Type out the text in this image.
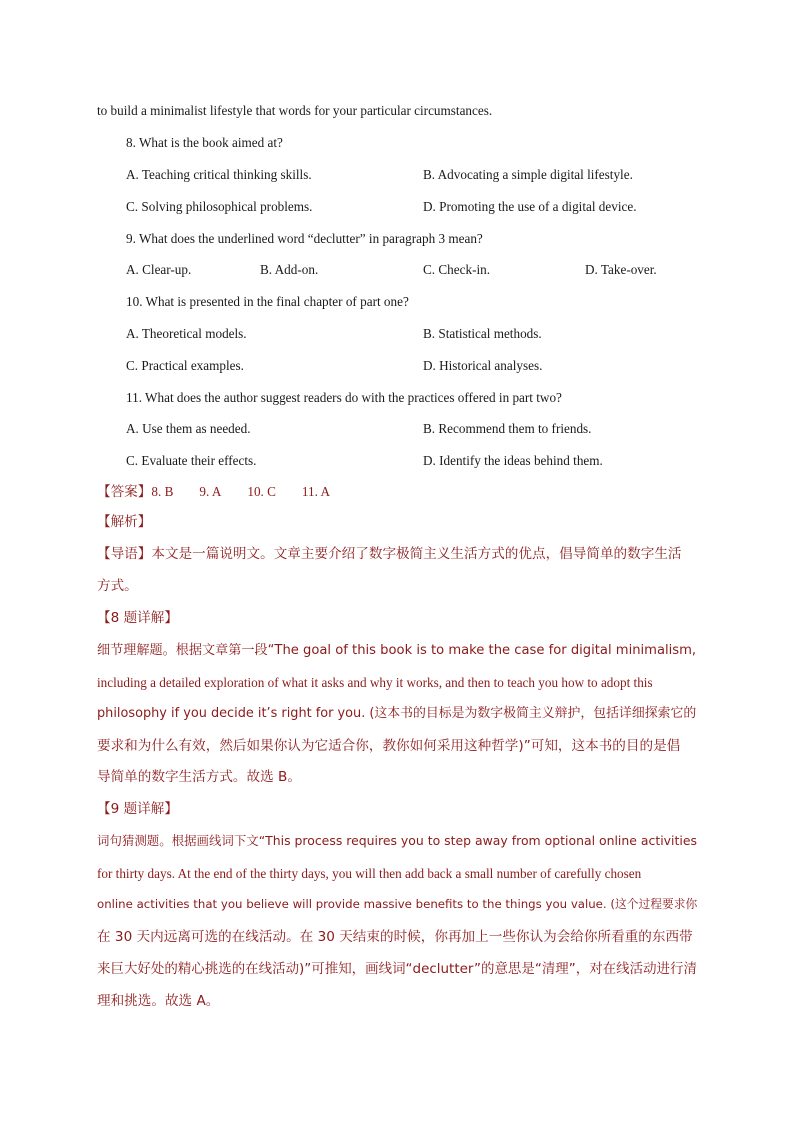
to build a minimalist lifestyle that words for your particular circumstances.
8. What is the book aimed at?
A. Teaching critical thinking skills.	B. Advocating a simple digital lifestyle.
C. Solving philosophical problems.	D. Promoting the use of a digital device.
9. What does the underlined word “declutter” in paragraph 3 mean?
A. Clear-up.	B. Add-on.	C. Check-in.	D. Take-over.
10. What is presented in the final chapter of part one?
A. Theoretical models.	B. Statistical methods.
C. Practical examples.	D. Historical analyses.
11. What does the author suggest readers do with the practices offered in part two?
A. Use them as needed.	B. Recommend them to friends.
C. Evaluate their effects.	D. Identify the ideas behind them.
【答案】8. B 9. A 10. C 11. A
【解析】
【导语】本文是一篇说明文。文章主要介绍了数字极简主义生活方式的优点，倡导简单的数字生活
方式。
【8 题详解】
细节理解题。根据文章第一段“The goal of this book is to make the case for digital minimalism,
including a detailed exploration of what it asks and why it works, and then to teach you how to adopt this
philosophy if you decide it’s right for you. (这本书的目标是为数字极简主义辩护，包括详细探索它的
要求和为什么有效，然后如果你认为它适合你，教你如何采用这种哲学)”可知，这本书的目的是倡
导简单的数字生活方式。故选 B。
【9 题详解】
词句猜测题。根据画线词下文“This process requires you to step away from optional online activities
for thirty days. At the end of the thirty days, you will then add back a small number of carefully chosen
online activities that you believe will provide massive benefits to the things you value. (这个过程要求你
在 30 天内远离可选的在线活动。在 30 天结束的时候，你再加上一些你认为会给你所看重的东西带
来巨大好处的精心挑选的在线活动)”可推知，画线词“declutter”的意思是“清理”，对在线活动进行清
理和挑选。故选 A。
